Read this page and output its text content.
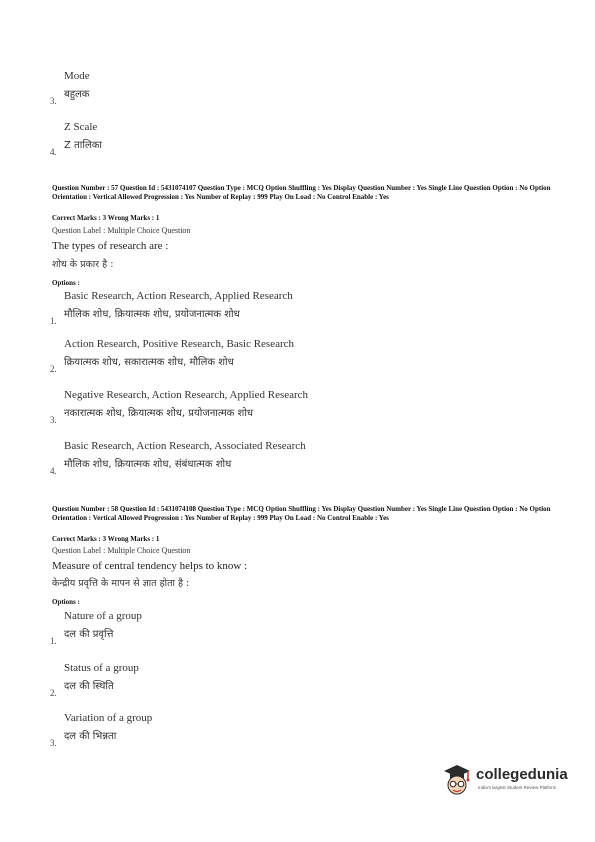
Mode
3.
बहुलक
Z Scale
4.
Z तालिका
Question Number : 57 Question Id : 5431074107 Question Type : MCQ Option Shuffling : Yes Display Question Number : Yes Single Line Question Option : No Option Orientation : Vertical Allowed Progression : Yes Number of Replay : 999 Play On Load : No Control Enable : Yes
Correct Marks : 3 Wrong Marks : 1
Question Label : Multiple Choice Question
The types of research are :
शोध के प्रकार है :
Options :
Basic Research, Action Research, Applied Research
1.
मौलिक शोध, क्रियात्मक शोध, प्रयोजनात्मक शोध
Action Research, Positive Research, Basic Research
2.
क्रियात्मक शोध, सकारात्मक शोध, मौलिक शोध
Negative Research, Action Research, Applied Research
3.
नकारात्मक शोध, क्रियात्मक शोध, प्रयोजनात्मक शोध
Basic Research, Action Research, Associated Research
4.
मौलिक शोध, क्रियात्मक शोध, संबंधात्मक शोध
Question Number : 58 Question Id : 5431074108 Question Type : MCQ Option Shuffling : Yes Display Question Number : Yes Single Line Question Option : No Option Orientation : Vertical Allowed Progression : Yes Number of Replay : 999 Play On Load : No Control Enable : Yes
Correct Marks : 3 Wrong Marks : 1
Question Label : Multiple Choice Question
Measure of central tendency helps to know :
केन्द्रीय प्रवृत्ति के मापन से ज्ञात होता है :
Options :
Nature of a group
1.
दल की प्रवृत्ति
Status of a group
2.
दल की स्थिति
Variation of a group
3.
दल की भिन्नता
collegedunia
India's largest Student Review Platform
